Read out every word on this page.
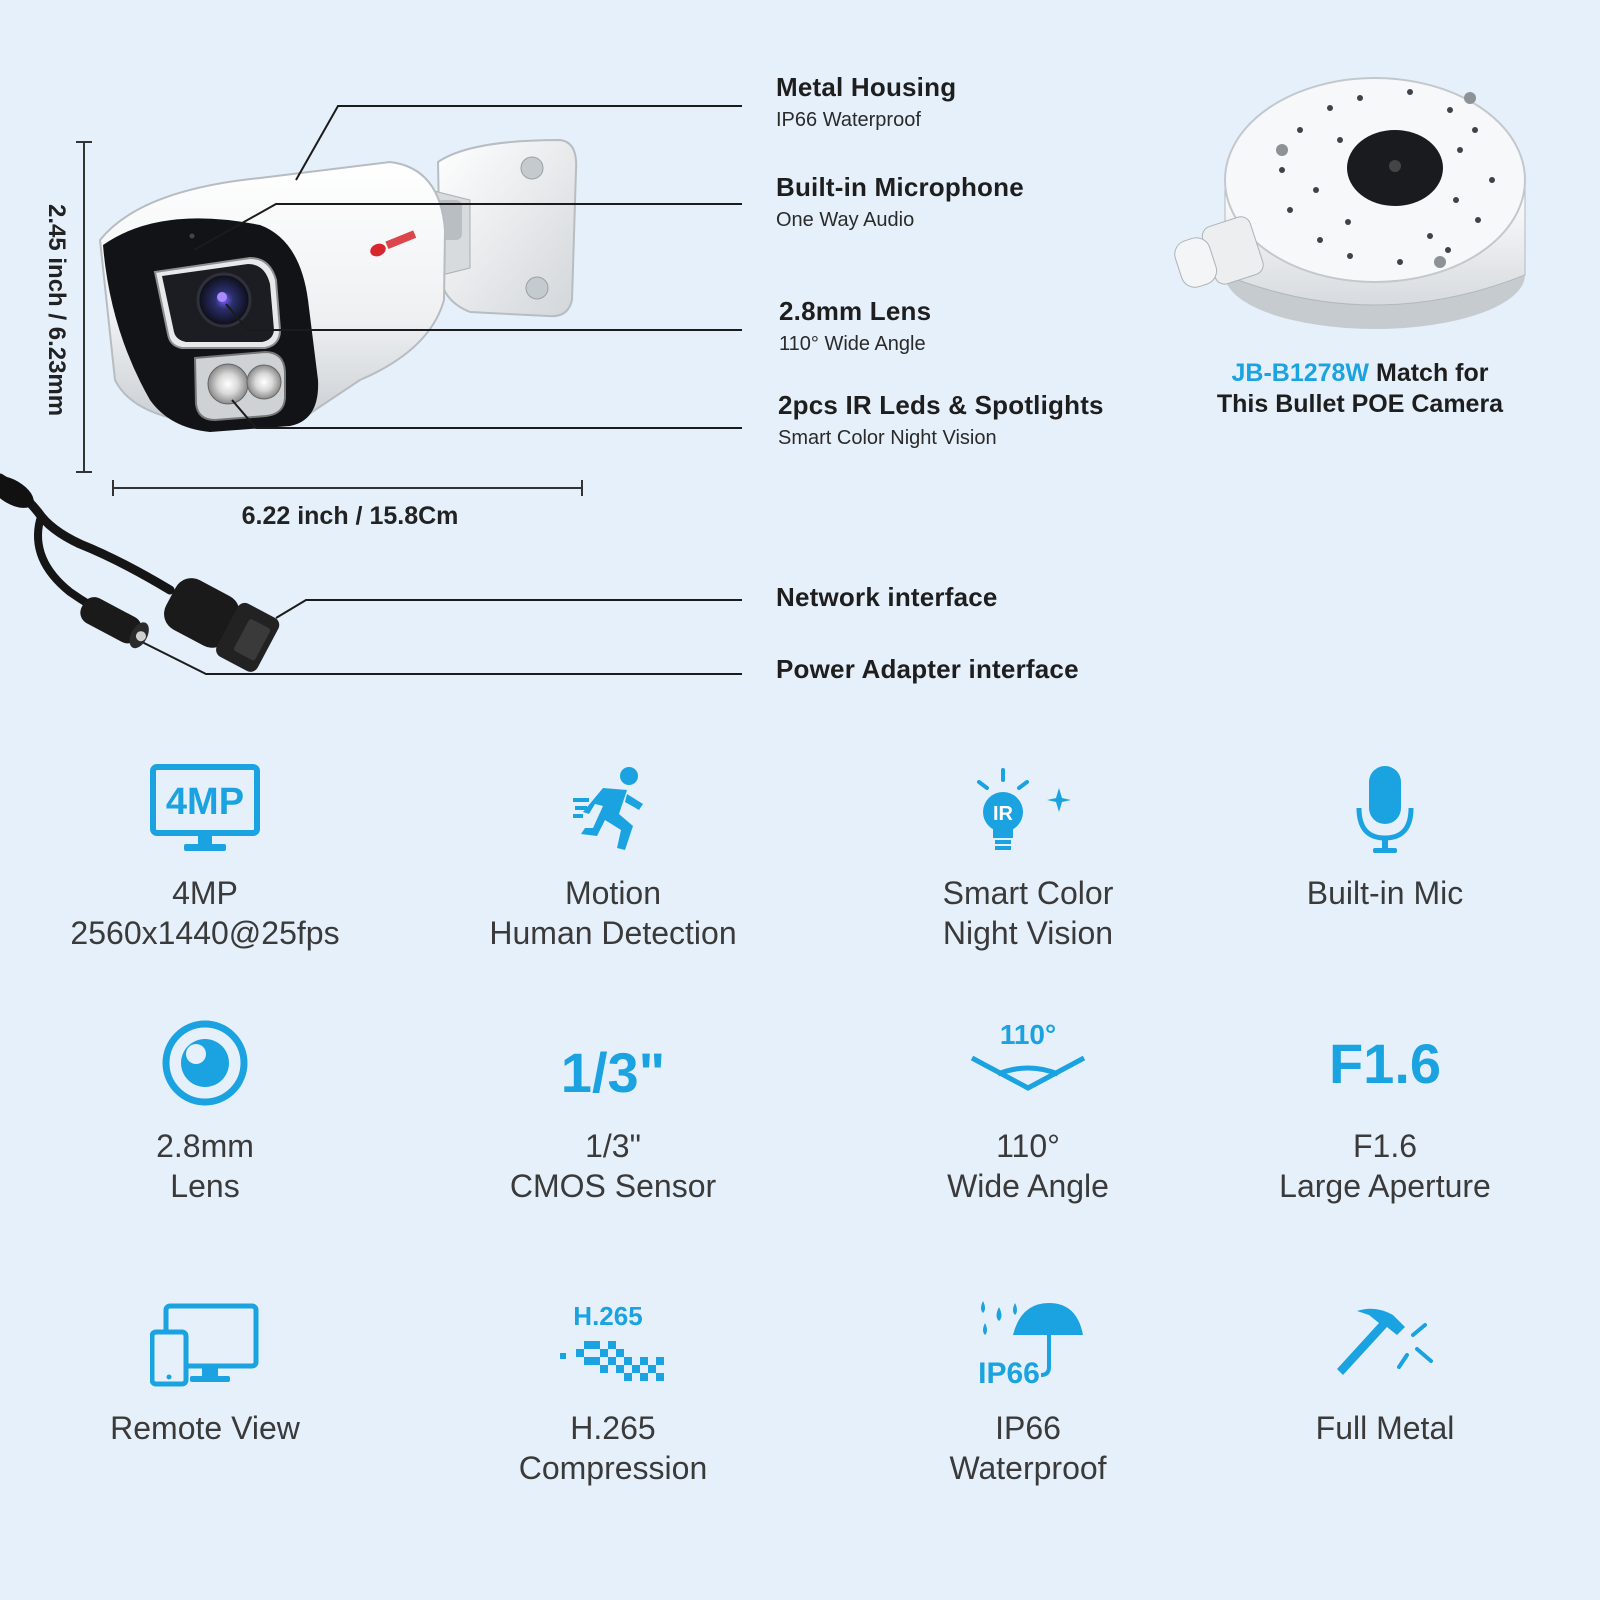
2.45 inch / 6.23mm
6.22 inch / 15.8Cm
Metal Housing
IP66 Waterproof
Built-in Microphone
One Way Audio
2.8mm Lens
110° Wide Angle
2pcs IR Leds & Spotlights
Smart Color Night Vision
Network interface
Power Adapter interface
JB-B1278W Match for
This Bullet POE Camera
4MP
4MP
2560x1440@25fps
Motion
Human Detection
IR
Smart Color
Night Vision
Built-in Mic
2.8mm
Lens
1/3"
1/3"
CMOS Sensor
110°
110°
Wide Angle
F1.6
F1.6
Large Aperture
Remote View
H.265
H.265
Compression
IP66
IP66
Waterproof
Full Metal
